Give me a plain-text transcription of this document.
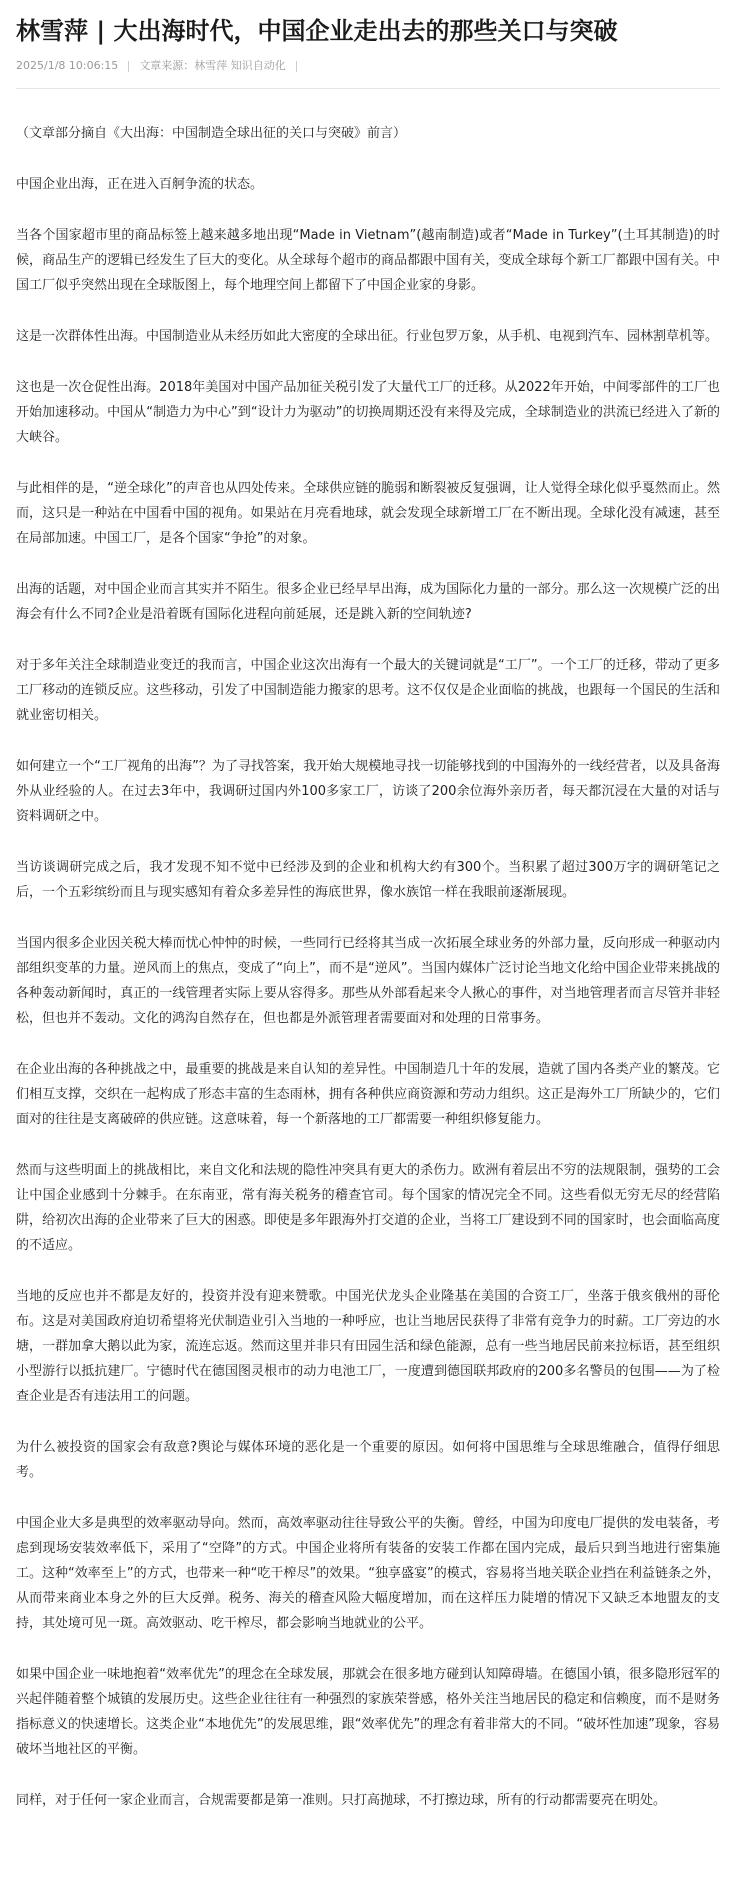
林雪萍 | 大出海时代，中国企业走出去的那些关口与突破
2025/1/8 10:06:15 文章来源：林雪萍 知识自动化

（文章部分摘自《大出海：中国制造全球出征的关口与突破》前言）

中国企业出海，正在进入百舸争流的状态。

当各个国家超市里的商品标签上越来越多地出现“Made in Vietnam”(越南制造)或者“Made in Turkey”(土耳其制造)的时候，商品生产的逻辑已经发生了巨大的变化。从全球每个超市的商品都跟中国有关，变成全球每个新工厂都跟中国有关。中国工厂似乎突然出现在全球版图上，每个地理空间上都留下了中国企业家的身影。

这是一次群体性出海。中国制造业从未经历如此大密度的全球出征。行业包罗万象，从手机、电视到汽车、园林割草机等。

这也是一次仓促性出海。2018年美国对中国产品加征关税引发了大量代工厂的迁移。从2022年开始，中间零部件的工厂也开始加速移动。中国从“制造力为中心”到“设计力为驱动”的切换周期还没有来得及完成，全球制造业的洪流已经进入了新的大峡谷。

与此相伴的是，“逆全球化”的声音也从四处传来。全球供应链的脆弱和断裂被反复强调，让人觉得全球化似乎戛然而止。然而，这只是一种站在中国看中国的视角。如果站在月亮看地球，就会发现全球新增工厂在不断出现。全球化没有减速，甚至在局部加速。中国工厂，是各个国家“争抢”的对象。

出海的话题，对中国企业而言其实并不陌生。很多企业已经早早出海，成为国际化力量的一部分。那么这一次规模广泛的出海会有什么不同?企业是沿着既有国际化进程向前延展，还是跳入新的空间轨迹?

对于多年关注全球制造业变迁的我而言，中国企业这次出海有一个最大的关键词就是“工厂”。一个工厂的迁移，带动了更多工厂移动的连锁反应。这些移动，引发了中国制造能力搬家的思考。这不仅仅是企业面临的挑战，也跟每一个国民的生活和就业密切相关。

如何建立一个“工厂视角的出海”？为了寻找答案，我开始大规模地寻找一切能够找到的中国海外的一线经营者，以及具备海外从业经验的人。在过去3年中，我调研过国内外100多家工厂，访谈了200余位海外亲历者，每天都沉浸在大量的对话与资料调研之中。

当访谈调研完成之后，我才发现不知不觉中已经涉及到的企业和机构大约有300个。当积累了超过300万字的调研笔记之后，一个五彩缤纷而且与现实感知有着众多差异性的海底世界，像水族馆一样在我眼前逐渐展现。

当国内很多企业因关税大棒而忧心忡忡的时候，一些同行已经将其当成一次拓展全球业务的外部力量，反向形成一种驱动内部组织变革的力量。逆风而上的焦点，变成了“向上”，而不是“逆风”。当国内媒体广泛讨论当地文化给中国企业带来挑战的各种轰动新闻时，真正的一线管理者实际上要从容得多。那些从外部看起来令人揪心的事件，对当地管理者而言尽管并非轻松，但也并不轰动。文化的鸿沟自然存在，但也都是外派管理者需要面对和处理的日常事务。

在企业出海的各种挑战之中，最重要的挑战是来自认知的差异性。中国制造几十年的发展，造就了国内各类产业的繁茂。它们相互支撑，交织在一起构成了形态丰富的生态雨林，拥有各种供应商资源和劳动力组织。这正是海外工厂所缺少的，它们面对的往往是支离破碎的供应链。这意味着，每一个新落地的工厂都需要一种组织修复能力。

然而与这些明面上的挑战相比，来自文化和法规的隐性冲突具有更大的杀伤力。欧洲有着层出不穷的法规限制，强势的工会让中国企业感到十分棘手。在东南亚，常有海关税务的稽查官司。每个国家的情况完全不同。这些看似无穷无尽的经营陷阱，给初次出海的企业带来了巨大的困惑。即使是多年跟海外打交道的企业，当将工厂建设到不同的国家时，也会面临高度的不适应。

当地的反应也并不都是友好的，投资并没有迎来赞歌。中国光伏龙头企业隆基在美国的合资工厂，坐落于俄亥俄州的哥伦布。这是对美国政府迫切希望将光伏制造业引入当地的一种呼应，也让当地居民获得了非常有竞争力的时薪。工厂旁边的水塘，一群加拿大鹅以此为家，流连忘返。然而这里并非只有田园生活和绿色能源，总有一些当地居民前来拉标语，甚至组织小型游行以抵抗建厂。宁德时代在德国图灵根市的动力电池工厂，一度遭到德国联邦政府的200多名警员的包围——为了检查企业是否有违法用工的问题。

为什么被投资的国家会有敌意?舆论与媒体环境的恶化是一个重要的原因。如何将中国思维与全球思维融合，值得仔细思考。

中国企业大多是典型的效率驱动导向。然而，高效率驱动往往导致公平的失衡。曾经，中国为印度电厂提供的发电装备，考虑到现场安装效率低下，采用了“空降”的方式。中国企业将所有装备的安装工作都在国内完成，最后只到当地进行密集施工。这种“效率至上”的方式，也带来一种“吃干榨尽”的效果。“独享盛宴”的模式，容易将当地关联企业挡在利益链条之外，从而带来商业本身之外的巨大反弹。税务、海关的稽查风险大幅度增加，而在这样压力陡增的情况下又缺乏本地盟友的支持，其处境可见一斑。高效驱动、吃干榨尽，都会影响当地就业的公平。

如果中国企业一味地抱着“效率优先”的理念在全球发展，那就会在很多地方碰到认知障碍墙。在德国小镇，很多隐形冠军的兴起伴随着整个城镇的发展历史。这些企业往往有一种强烈的家族荣誉感，格外关注当地居民的稳定和信赖度，而不是财务指标意义的快速增长。这类企业“本地优先”的发展思维，跟“效率优先”的理念有着非常大的不同。“破坏性加速”现象，容易破坏当地社区的平衡。

同样，对于任何一家企业而言，合规需要都是第一准则。只打高抛球，不打擦边球，所有的行动都需要亮在明处。
